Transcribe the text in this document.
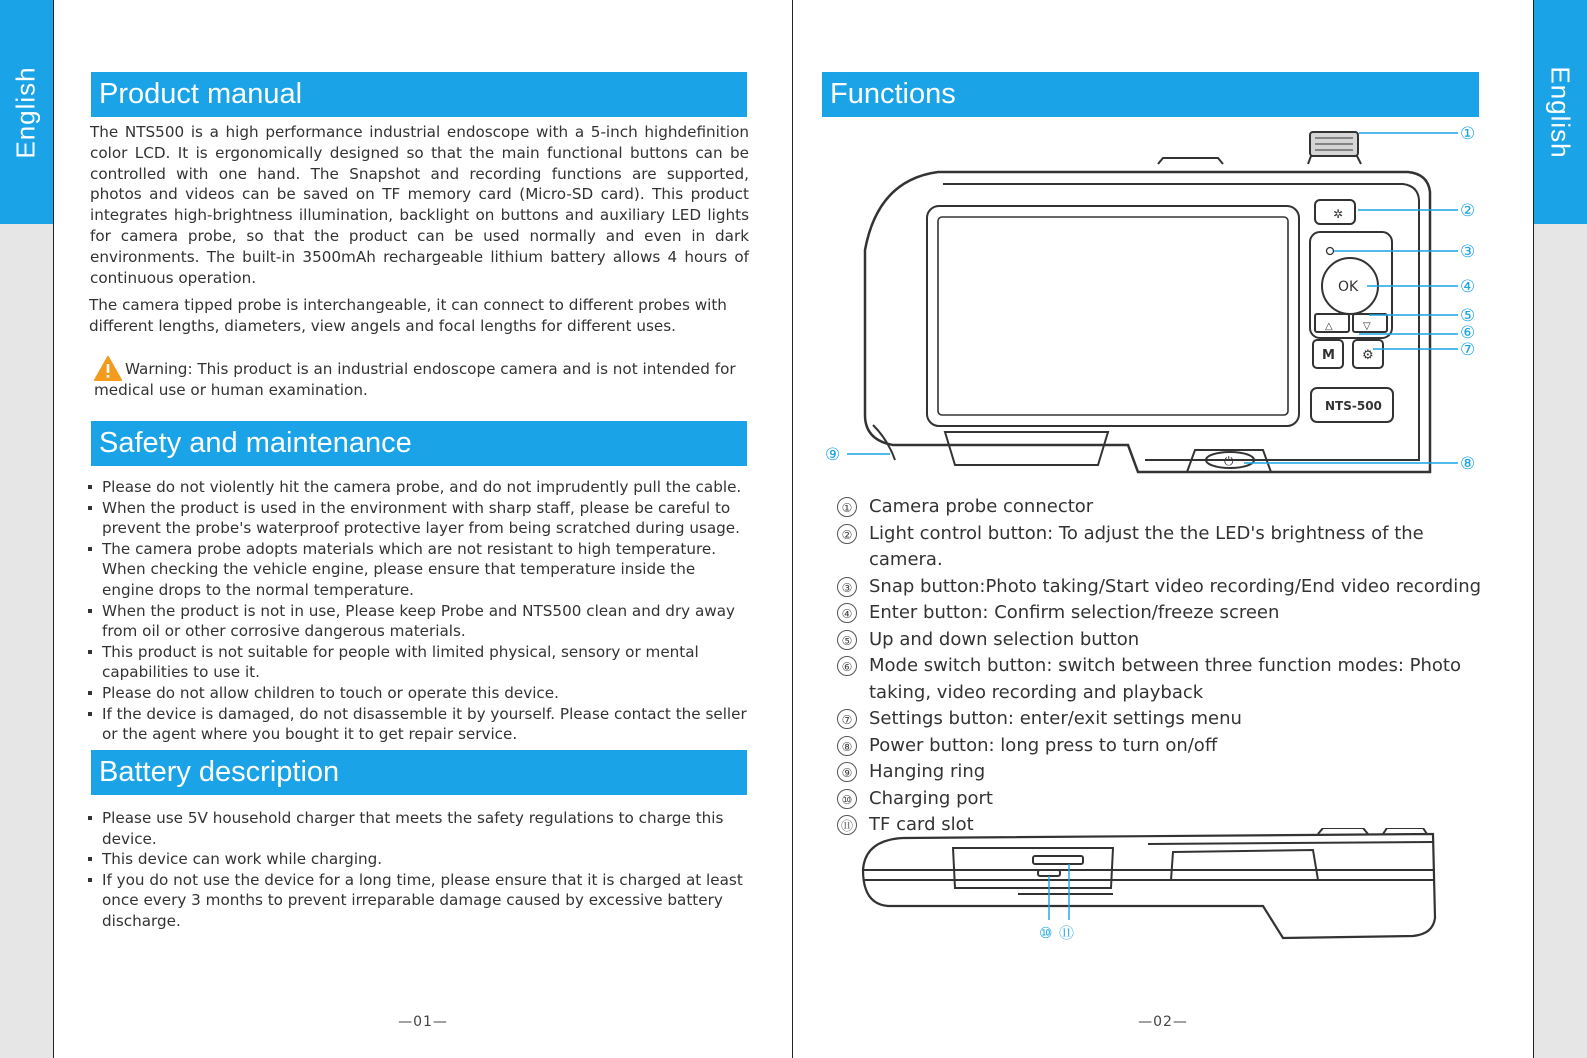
English	English
Product manual

The NTS500 is a high performance industrial endoscope with a 5-inch highdefinition color LCD. It is ergonomically designed so that the main functional buttons can be controlled with one hand. The Snapshot and recording functions are supported, photos and videos can be saved on TF memory card (Micro-SD card). This product integrates high-brightness illumination, backlight on buttons and auxiliary LED lights for camera probe, so that the product can be used normally and even in dark environments. The built-in 3500mAh rechargeable lithium battery allows 4 hours of continuous operation.

The camera tipped probe is interchangeable, it can connect to different probes with different lengths, diameters, view angels and focal lengths for different uses.

Warning: This product is an industrial endoscope camera and is not intended for medical use or human examination.

Safety and maintenance
Please do not violently hit the camera probe, and do not imprudently pull the cable.
When the product is used in the environment with sharp staff, please be careful to prevent the probe's waterproof protective layer from being scratched during usage.
The camera probe adopts materials which are not resistant to high temperature. When checking the vehicle engine, please ensure that temperature inside the engine drops to the normal temperature.
When the product is not in use, Please keep Probe and NTS500 clean and dry away from oil or other corrosive dangerous materials.
This product is not suitable for people with limited physical, sensory or mental capabilities to use it.
Please do not allow children to touch or operate this device.
If the device is damaged, do not disassemble it by yourself. Please contact the seller or the agent where you bought it to get repair service.
Battery description
Please use 5V household charger that meets the safety regulations to charge this device.
This device can work while charging.
If you do not use the device for a long time, please ensure that it is charged at least once every 3 months to prevent irreparable damage caused by excessive battery discharge.
—01—
Functions
✲
OK
△	▽
M ⚙
NTS-500
⏻
①
②
③
④
⑤
⑥
⑦
⑧
⑨
① Camera probe connector
② Light control button: To adjust the the LED's brightness of the camera.
③ Snap button:Photo taking/Start video recording/End video recording
④ Enter button: Confirm selection/freeze screen
⑤ Up and down selection button
⑥ Mode switch button: switch between three function modes: Photo taking, video recording and playback
⑦ Settings button: enter/exit settings menu
⑧ Power button: long press to turn on/off
⑨ Hanging ring
⑩ Charging port
⑪ TF card slot
⑩ ⑪
—02—
